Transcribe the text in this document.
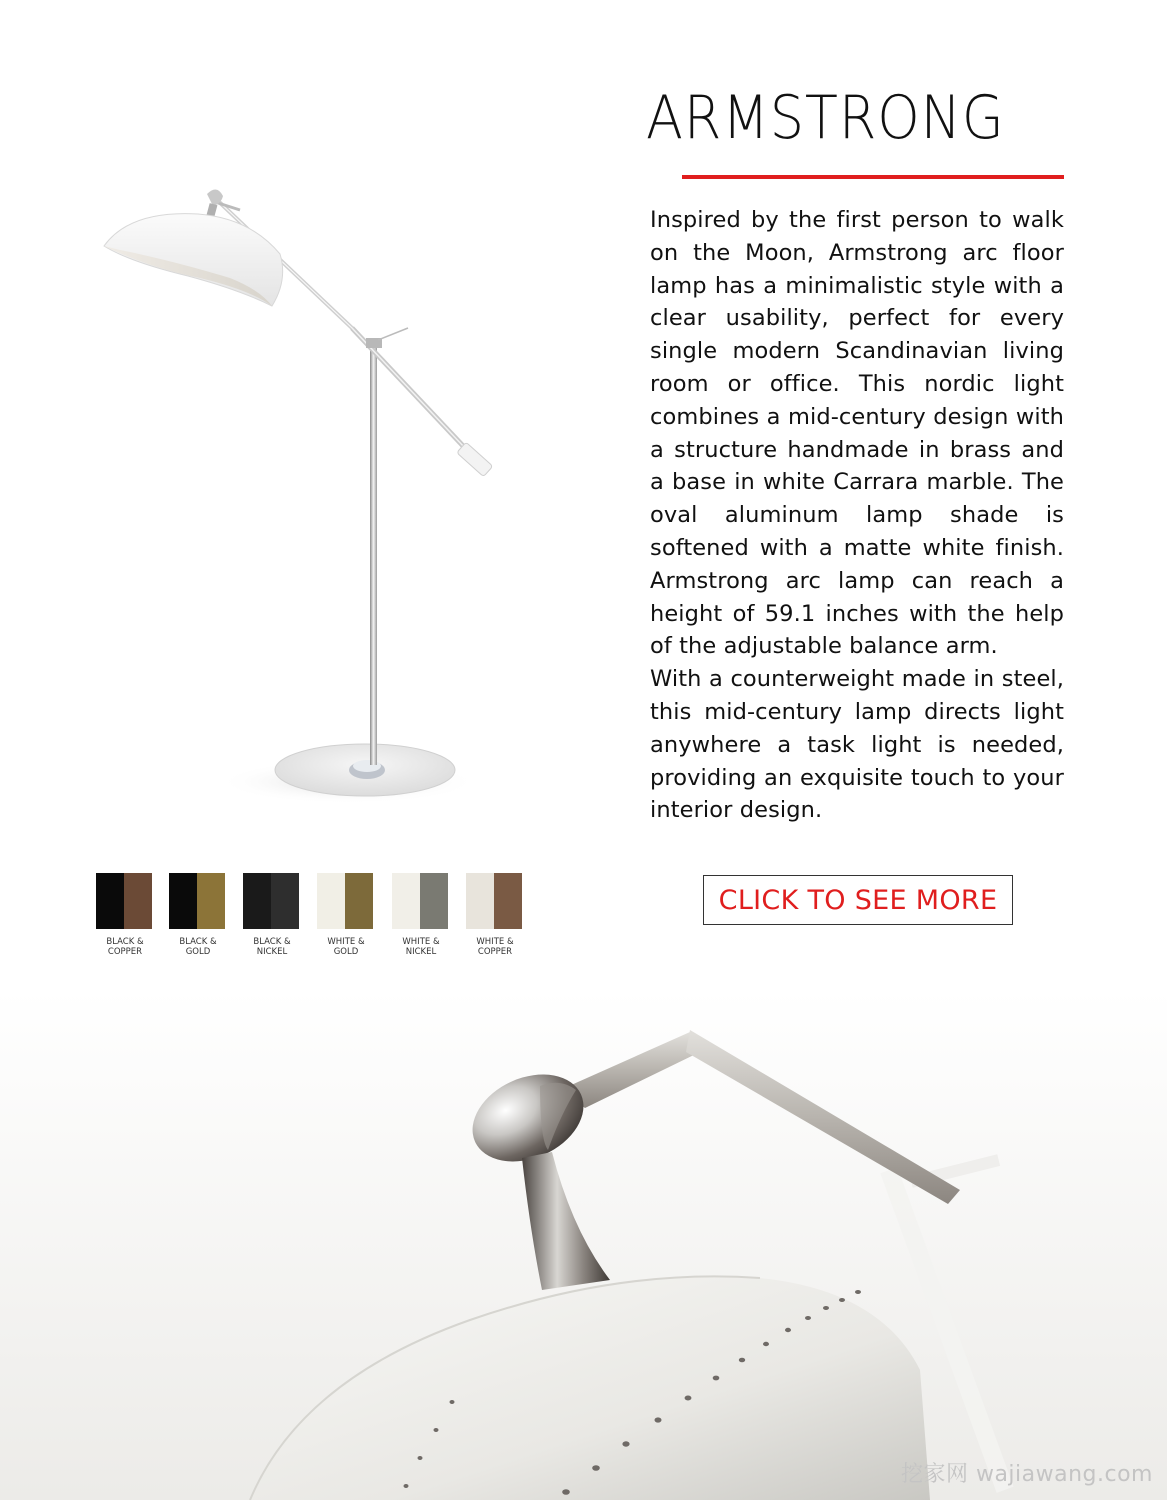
ARMSTRONG

Inspired by the first person to walk on the Moon, Armstrong arc floor lamp has a minimalistic style with a clear usability, perfect for every single modern Scandinavian living room or office. This nordic light combines a mid-century design with a structure handmade in brass and a base in white Carrara marble. The oval aluminum lamp shade is softened with a matte white finish. Armstrong arc lamp can reach a height of 59.1 inches with the help of the adjustable balance arm.

With a counterweight made in steel, this mid-century lamp directs light anywhere a task light is needed, providing an exquisite touch to your interior design.

CLICK TO SEE MORE
BLACK &
COPPER
BLACK &
GOLD
BLACK &
NICKEL
WHITE &
GOLD
WHITE &
NICKEL
WHITE &
COPPER
挖家网 wajiawang.com
